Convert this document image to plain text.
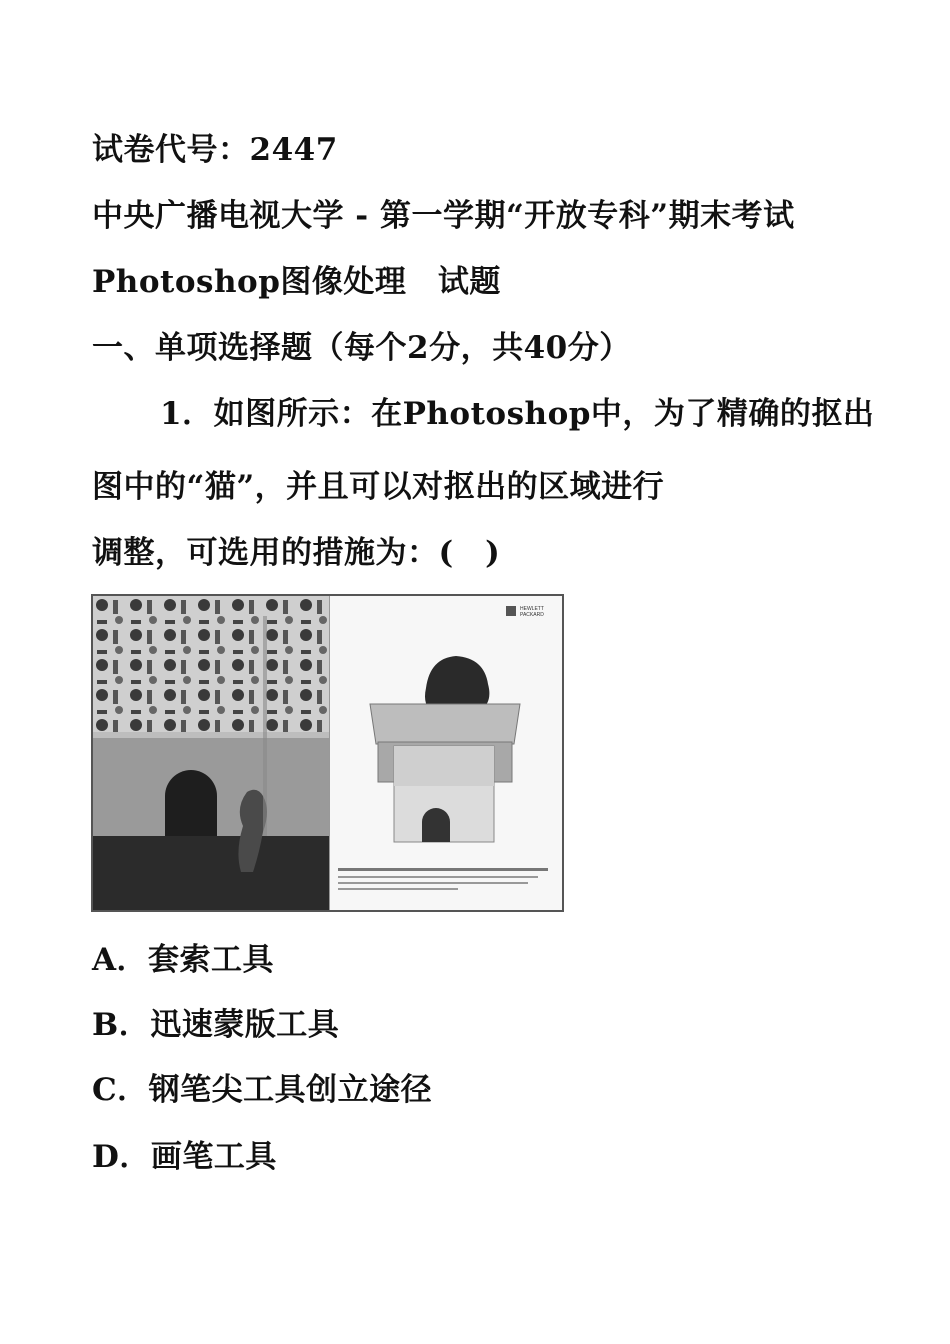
试卷代号：2447

中央广播电视大学 - 第一学期“开放专科”期末考试

Photoshop图像处理　试题

一、单项选择题（每个2分，共40分）

1．如图所示：在Photoshop中，为了精确的抠出

图中的“猫”，并且可以对抠出的区域进行

调整，可选用的措施为：(　)

HEWLETT
PACKARD

A．套索工具

B．迅速蒙版工具

C．钢笔尖工具创立途径

D．画笔工具
